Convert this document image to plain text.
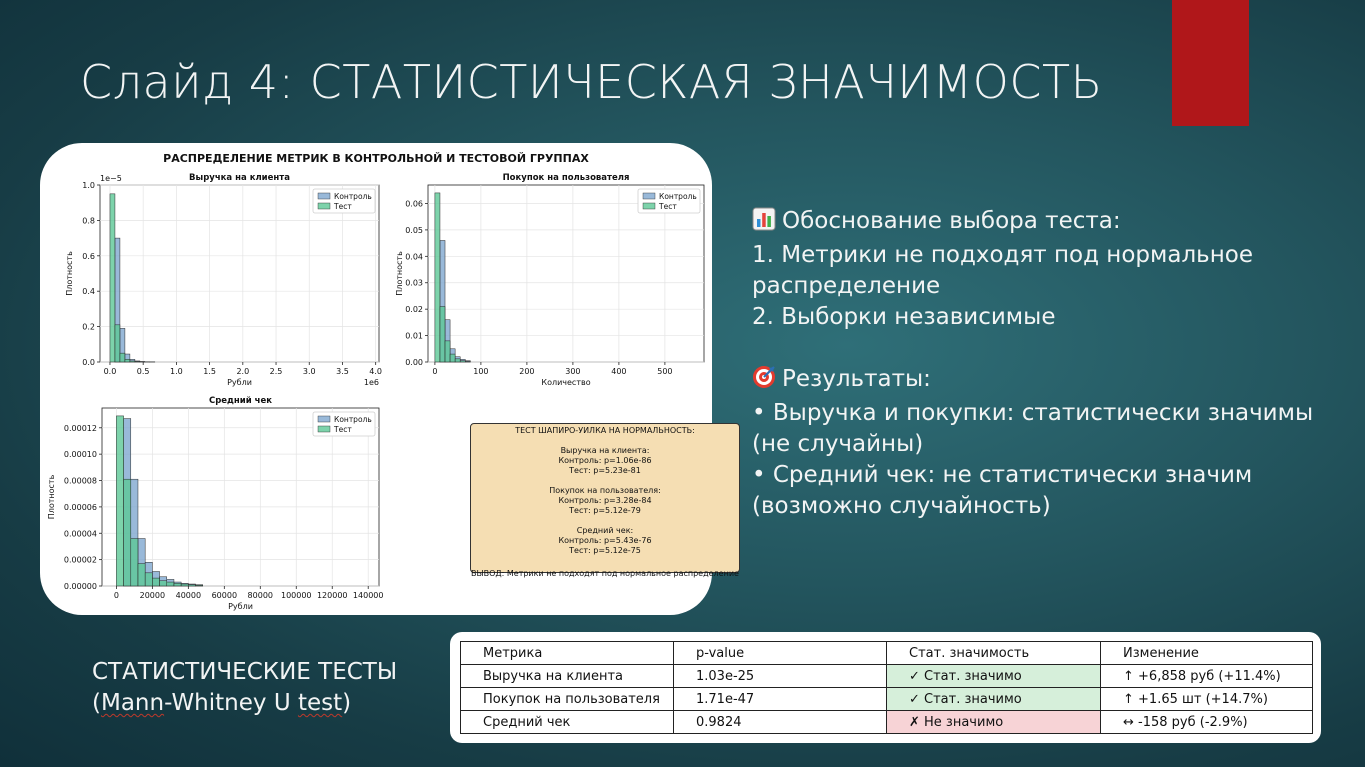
Слайд 4: СТАТИСТИЧЕСКАЯ ЗНАЧИМОСТЬ
РАСПРЕДЕЛЕНИЕ МЕТРИК В КОНТРОЛЬНОЙ И ТЕСТОВОЙ ГРУППАХ
0.0	0.5	1.0	1.5	2.0	2.5	3.0	3.5	4.0
0.0
0.2
0.4
0.6
0.8
1.0
Выручка на клиента
Рубли
Плотность
1e−5
1e6
Контроль
Тест
0	100	200	300	400	500
0.00
0.01
0.02
0.03
0.04
0.05
0.06
Покупок на пользователя
Количество
Плотность
Контроль
Тест
0	20000 40000 60000 80000 100000 120000 140000
0.00000
0.00002
0.00004
0.00006
0.00008
0.00010
0.00012
Средний чек
Рубли
Плотность
Контроль
Тест	ТЕСТ ШАПИРО-УИЛКА НА НОРМАЛЬНОСТЬ:
Выручка на клиента:
Контроль: p=1.06e-86
Тест: p=5.23e-81
Покупок на пользователя:
Контроль: p=3.28e-84
Тест: p=5.12e-79
Средний чек:
Контроль: p=5.43e-76
Тест: p=5.12e-75
ВЫВОД: Метрики не подходят под нормальное распределение
Обоснование выбора теста:
1. Метрики не подходят под нормальное распределение
2. Выборки независимые
Результаты:
• Выручка и покупки: статистически значимы (не случайны)
• Средний чек: не статистически значим (возможно случайность)
СТАТИСТИЧЕСКИЕ ТЕСТЫ
(Mann-Whitney U test)
Метрика	p-value	Стат. значимость	Изменение
Выручка на клиента	1.03e-25	✓ Стат. значимо	↑ +6,858 руб (+11.4%)
Покупок на пользователя	1.71e-47	✓ Стат. значимо	↑ +1.65 шт (+14.7%)
Средний чек	0.9824	✗ Не значимо	↔ -158 руб (-2.9%)
